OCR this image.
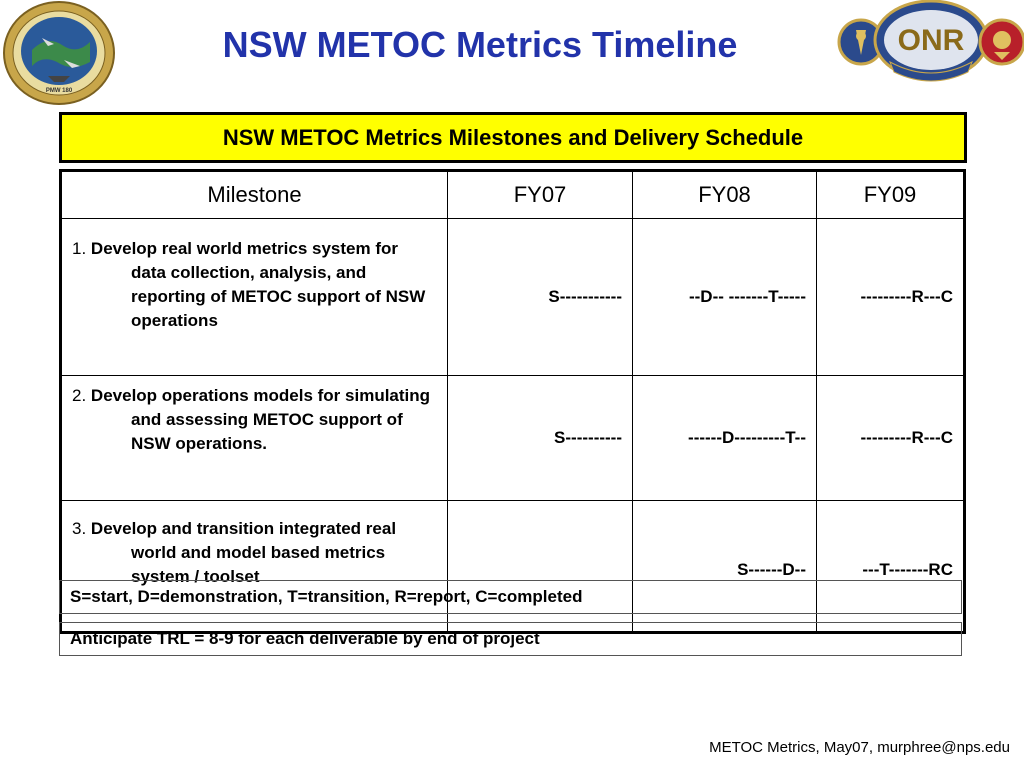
PMW 180
NSW METOC Metrics Timeline	ONR
NSW METOC Metrics Milestones and Delivery Schedule
Milestone	FY07	FY08	FY09

1. Develop real world metrics system for data collection, analysis, and reporting of METOC support of NSW operations	S-----------	--D-- -------T-----	---------R---C

2. Develop operations models for simulating and assessing METOC support of NSW operations.	S----------	------D---------T--	---------R---C

3. Develop and transition integrated real world and model based metrics system / toolset		S------D--	---T-------RC
S=start, D=demonstration, T=transition, R=report, C=completed
Anticipate TRL = 8-9 for each deliverable by end of project
METOC Metrics, May07, murphree@nps.edu
